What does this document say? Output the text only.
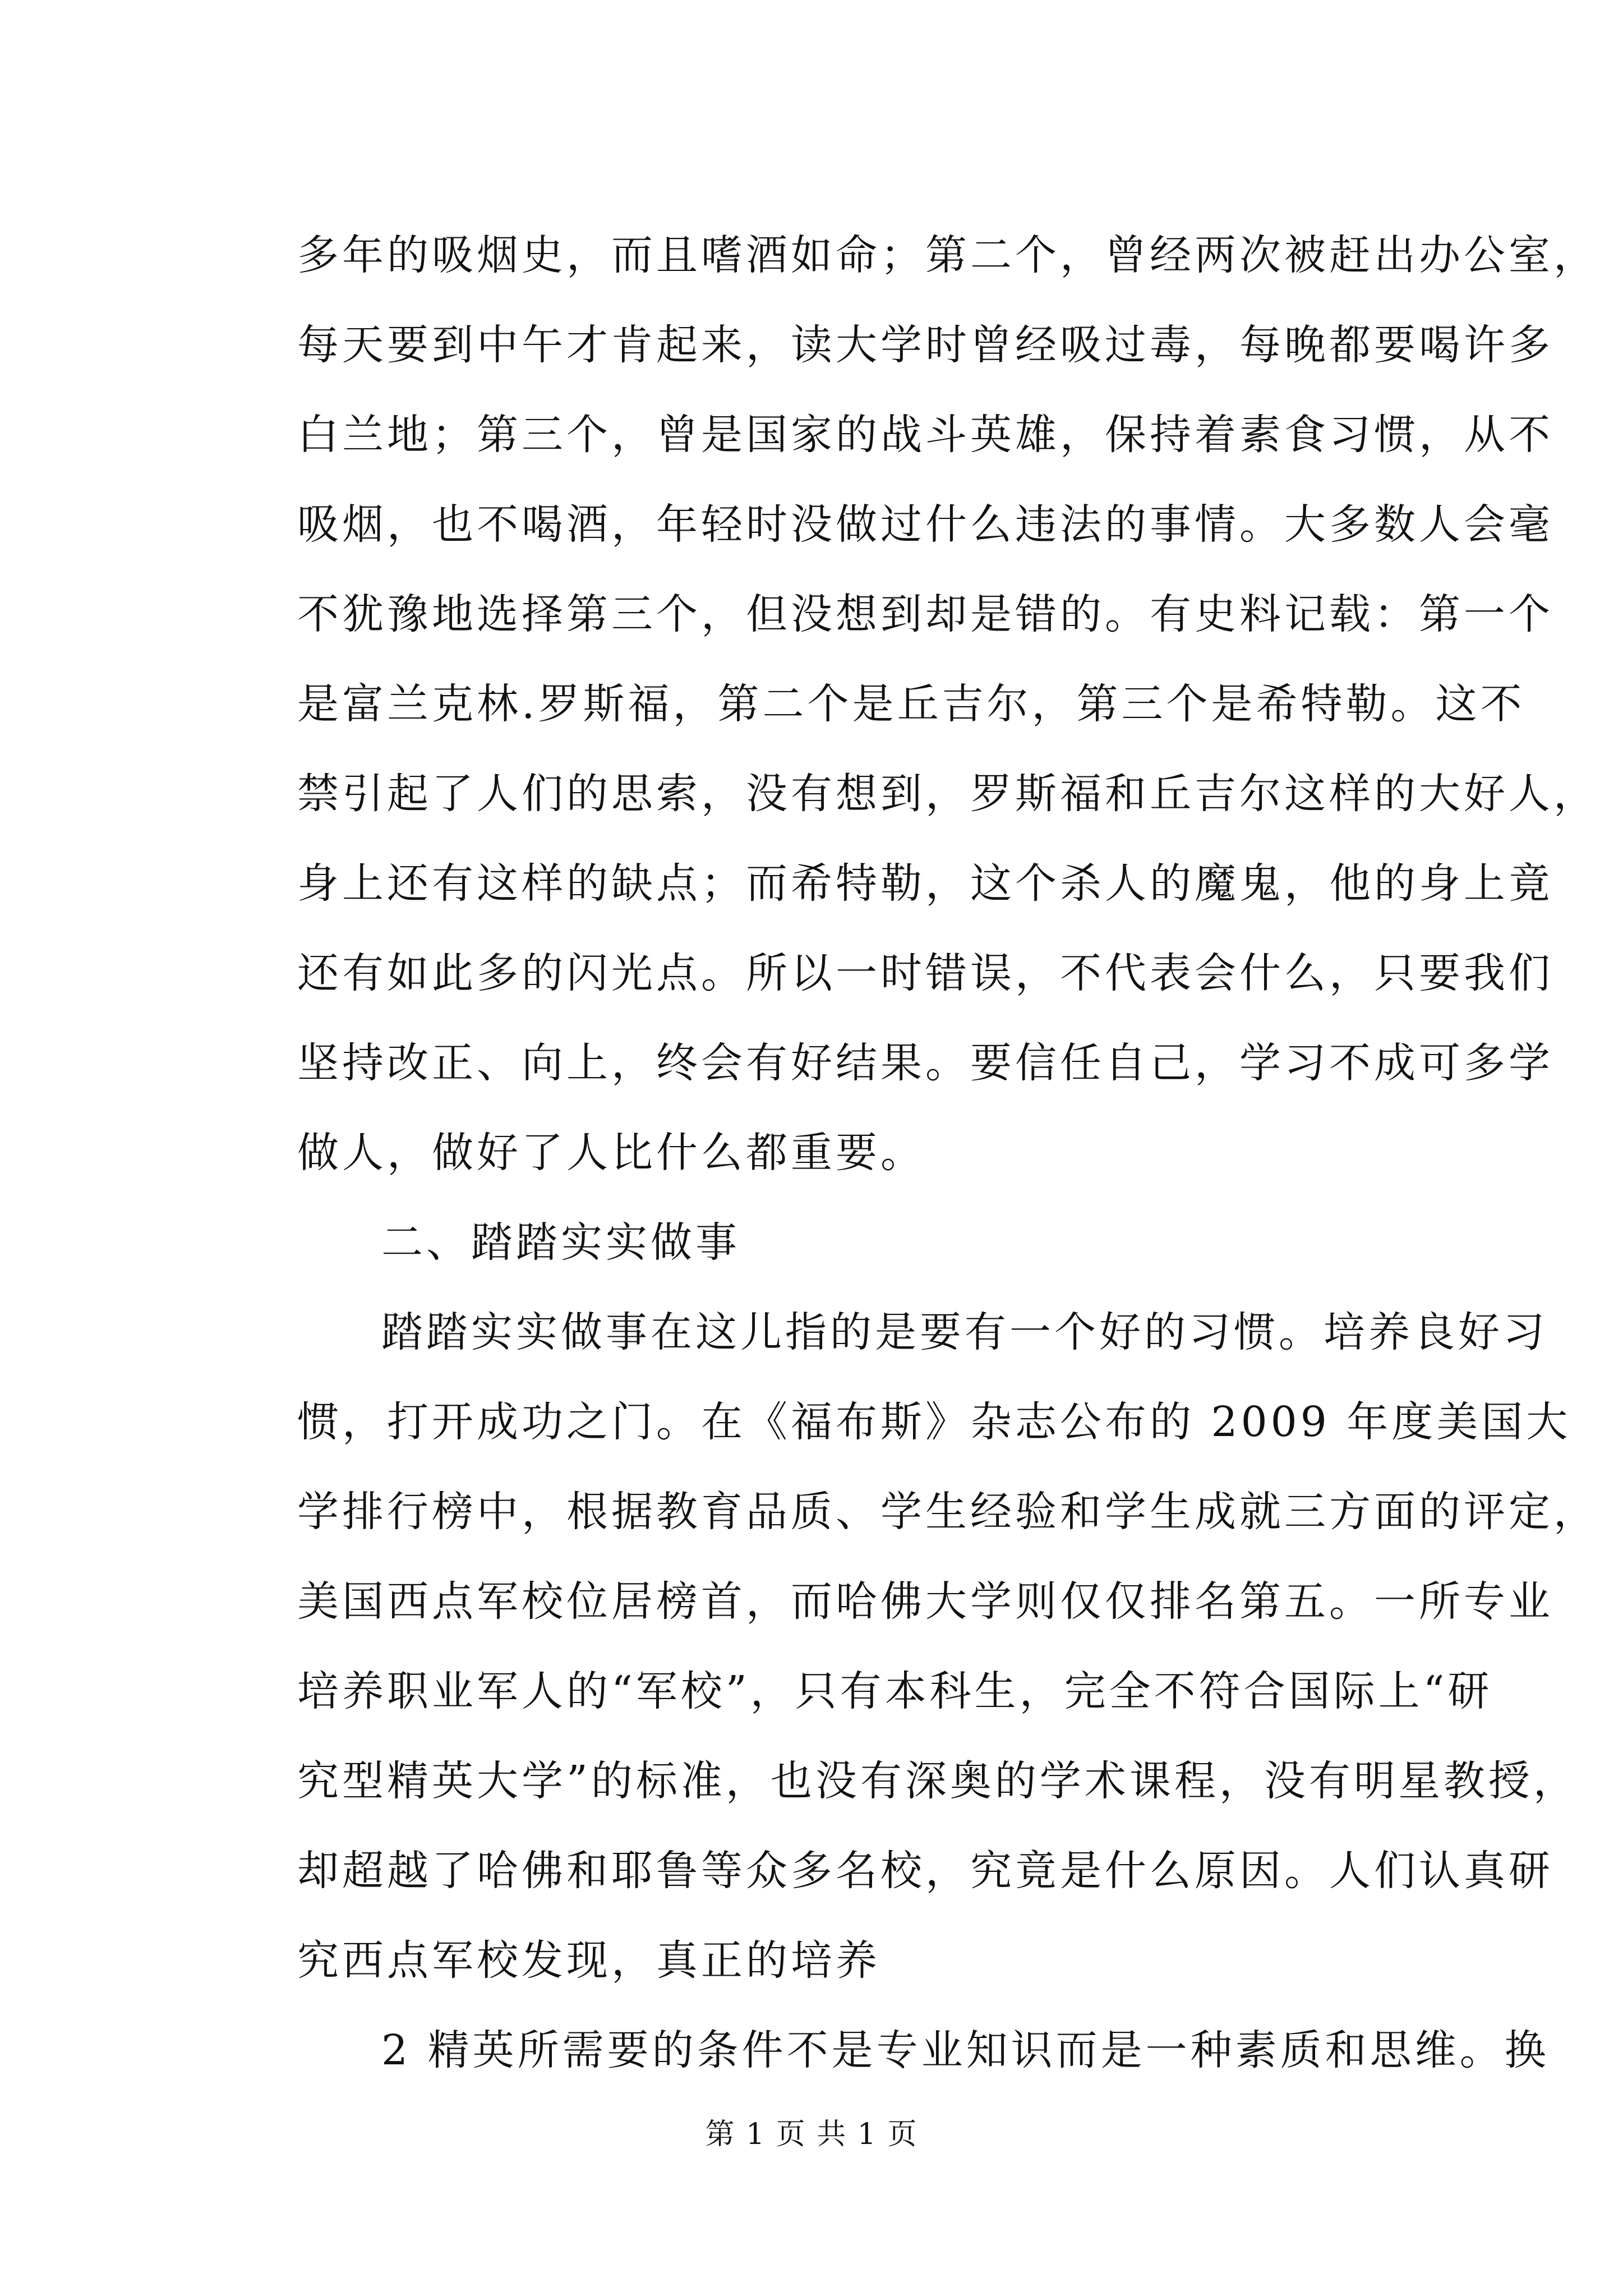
多年的吸烟史，而且嗜酒如命；第二个，曾经两次被赶出办公室，
每天要到中午才肯起来，读大学时曾经吸过毒，每晚都要喝许多
白兰地；第三个，曾是国家的战斗英雄，保持着素食习惯，从不
吸烟，也不喝酒，年轻时没做过什么违法的事情。大多数人会毫
不犹豫地选择第三个，但没想到却是错的。有史料记载：第一个
是富兰克林.罗斯福，第二个是丘吉尔，第三个是希特勒。这不
禁引起了人们的思索，没有想到，罗斯福和丘吉尔这样的大好人，
身上还有这样的缺点；而希特勒，这个杀人的魔鬼，他的身上竟
还有如此多的闪光点。所以一时错误，不代表会什么，只要我们
坚持改正、向上，终会有好结果。要信任自己，学习不成可多学
做人，做好了人比什么都重要。
二、踏踏实实做事
踏踏实实做事在这儿指的是要有一个好的习惯。培养良好习
惯，打开成功之门。在《福布斯》杂志公布的 2009 年度美国大
学排行榜中，根据教育品质、学生经验和学生成就三方面的评定，
美国西点军校位居榜首，而哈佛大学则仅仅排名第五。一所专业
培养职业军人的“军校”，只有本科生，完全不符合国际上“研
究型精英大学”的标准，也没有深奥的学术课程，没有明星教授，
却超越了哈佛和耶鲁等众多名校，究竟是什么原因。人们认真研
究西点军校发现，真正的培养
2 精英所需要的条件不是专业知识而是一种素质和思维。换
第 1 页 共 1 页
